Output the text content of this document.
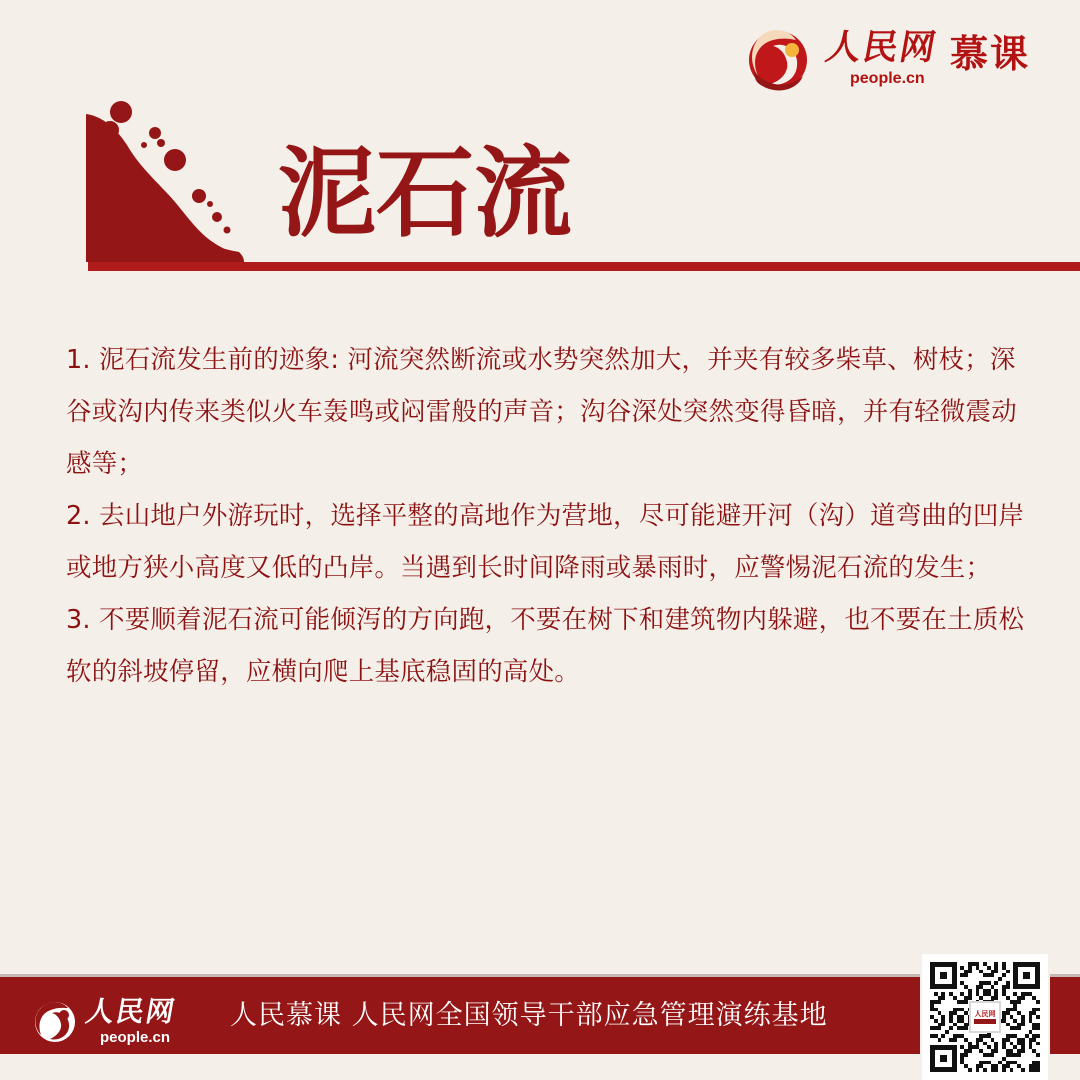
人民网
people.cn
慕课
泥石流

1. 泥石流发生前的迹象: 河流突然断流或水势突然加大，并夹有较多柴草、树枝；深谷或沟内传来类似火车轰鸣或闷雷般的声音；沟谷深处突然变得昏暗，并有轻微震动感等；

2. 去山地户外游玩时，选择平整的高地作为营地，尽可能避开河（沟）道弯曲的凹岸或地方狭小高度又低的凸岸。当遇到长时间降雨或暴雨时，应警惕泥石流的发生；

3. 不要顺着泥石流可能倾泻的方向跑，不要在树下和建筑物内躲避，也不要在土质松软的斜坡停留，应横向爬上基底稳固的高处。

人民网
people.cn
人民慕课 人民网全国领导干部应急管理演练基地	人民网
